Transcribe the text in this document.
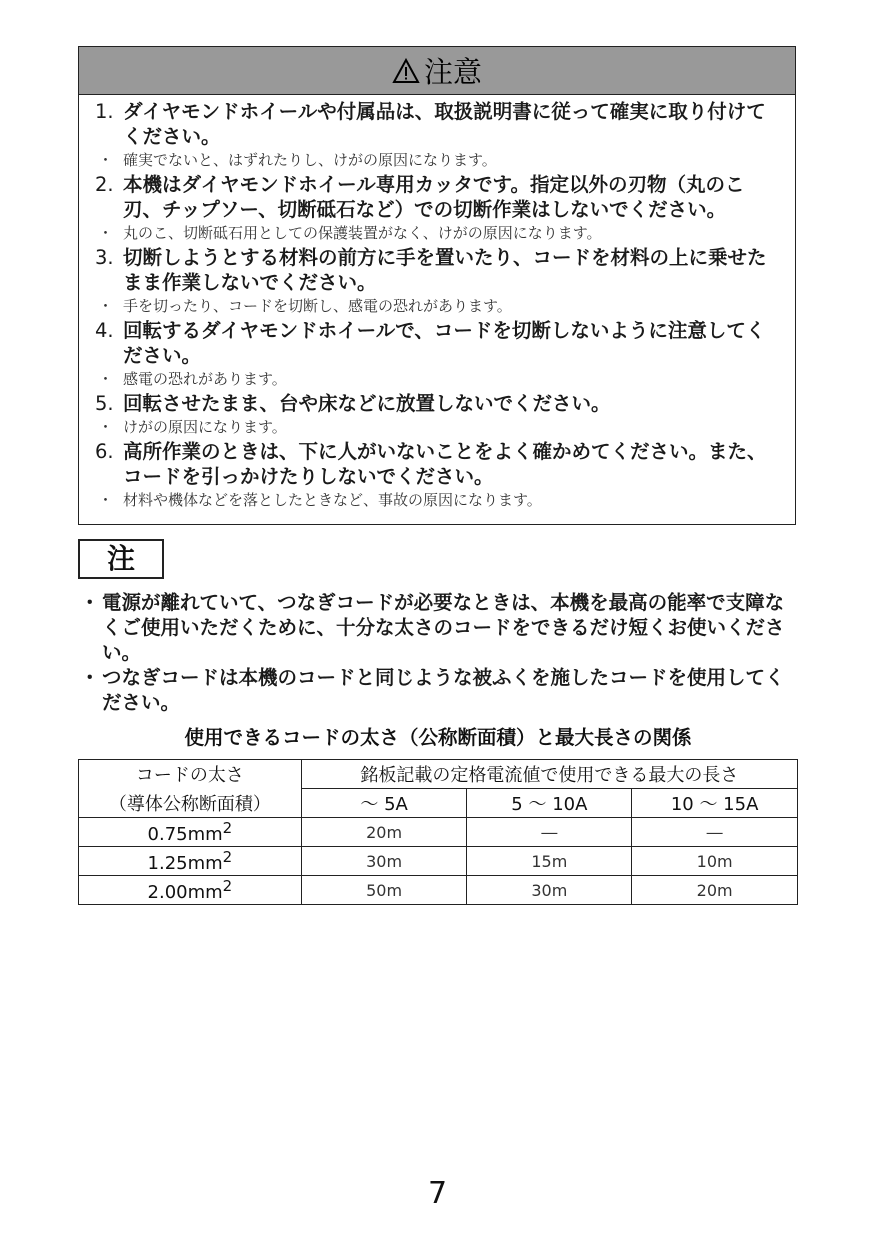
注意
1. ダイヤモンドホイールや付属品は、取扱説明書に従って確実に取り付けてください。
・ 確実でないと、はずれたりし、けがの原因になります。
2. 本機はダイヤモンドホイール専用カッタです。指定以外の刃物（丸のこ刃、チップソー、切断砥石など）での切断作業はしないでください。
・ 丸のこ、切断砥石用としての保護装置がなく、けがの原因になります。
3. 切断しようとする材料の前方に手を置いたり、コードを材料の上に乗せたまま作業しないでください。
・ 手を切ったり、コードを切断し、感電の恐れがあります。
4. 回転するダイヤモンドホイールで、コードを切断しないように注意してください。
・ 感電の恐れがあります。
5. 回転させたまま、台や床などに放置しないでください。
・ けがの原因になります。
6. 高所作業のときは、下に人がいないことをよく確かめてください。また、コードを引っかけたりしないでください。
・ 材料や機体などを落としたときなど、事故の原因になります。
注
・ 電源が離れていて、つなぎコードが必要なときは、本機を最高の能率で支障なくご使用いただくために、十分な太さのコードをできるだけ短くお使いください。
・ つなぎコードは本機のコードと同じような被ふくを施したコードを使用してください。
使用できるコードの太さ（公称断面積）と最大長さの関係
コードの太さ	銘板記載の定格電流値で使用できる最大の長さ		
（導体公称断面積）	～ 5A	5 ～ 10A	10 ～ 15A
$0.75mm^2$	20m	―	―
$1.25mm^2$	30m	15m	10m
$2.00mm^2$	50m	30m	20m
7
